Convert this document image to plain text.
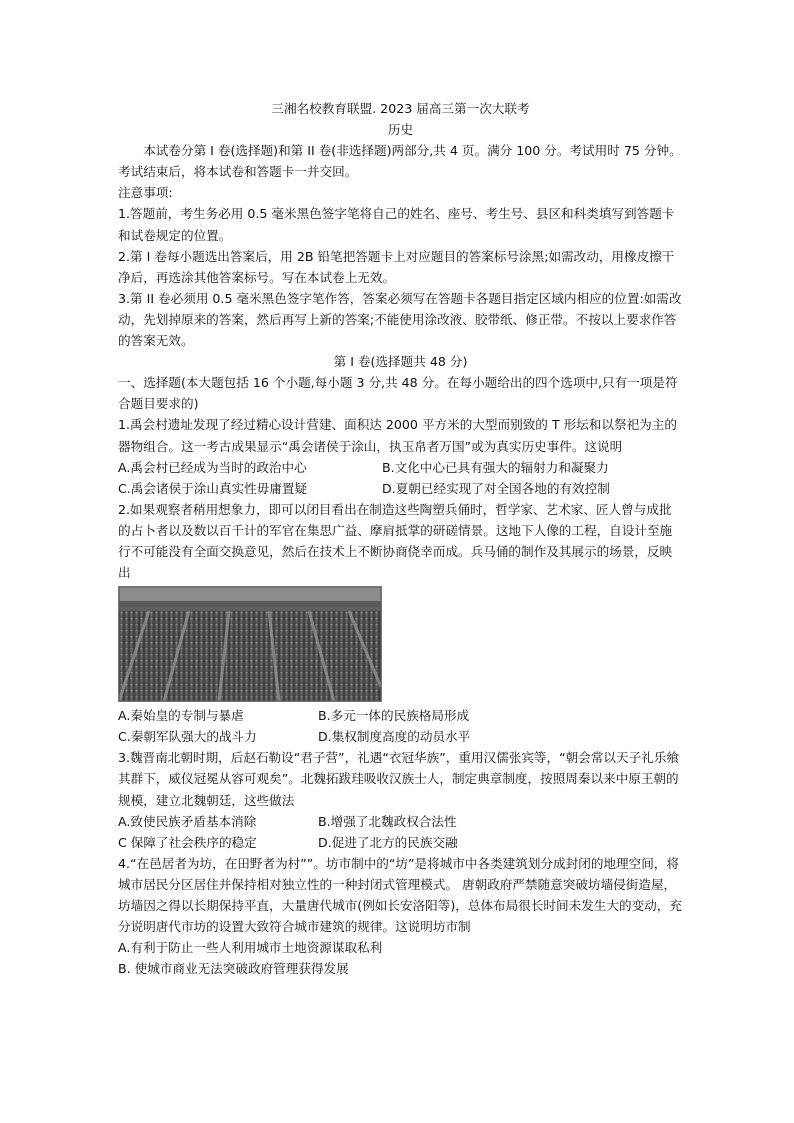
三湘名校教育联盟. 2023 届高三第一次大联考

历史

本试卷分第 I 卷(选择题)和第 II 卷(非选择题)两部分,共 4 页。满分 100 分。考试用时 75 分钟。考试结束后，将本试卷和答题卡一并交回。

注意事项:

1.答题前，考生务必用 0.5 毫米黑色签字笔将自己的姓名、座号、考生号、县区和科类填写到答题卡和试卷规定的位置。

2.第 I 卷每小题选出答案后，用 2B 铅笔把答题卡上对应题目的答案标号涂黑;如需改动，用橡皮擦干净后，再选涂其他答案标号。写在本试卷上无效。

3.第 II 卷必须用 0.5 毫米黑色签字笔作答，答案必须写在答题卡各题目指定区域内相应的位置:如需改动，先划掉原来的答案，然后再写上新的答案;不能使用涂改液、胶带纸、修正带。不按以上要求作答的答案无效。

第 I 卷(选择题共 48 分)

一、选择题(本大题包括 16 个小题,每小题 3 分,共 48 分。在每小题给出的四个选项中,只有一项是符合题目要求的)

1.禹会村遗址发现了经过精心设计营建、面积达 2000 平方米的大型而别致的 T 形坛和以祭祀为主的器物组合。这一考古成果显示“禹会诸侯于涂山，执玉帛者万国”或为真实历史事件。这说明

A.禹会村已经成为当时的政治中心	B.文化中心已具有强大的辐射力和凝聚力
C.禹会诸侯于涂山真实性毋庸置疑	D.夏朝已经实现了对全国各地的有效控制

2.如果观察者稍用想象力，即可以闭目看出在制造这些陶塑兵俑时，哲学家、艺术家、匠人曾与成批的占卜者以及数以百千计的军官在集思广益、摩肩抵掌的研磋情景。这地下人像的工程，自设计至施行不可能没有全面交换意见，然后在技术上不断协商侥幸而成。兵马俑的制作及其展示的场景，反映出

A.秦始皇的专制与暴虐	B.多元一体的民族格局形成
C.秦朝军队强大的战斗力	D.集权制度高度的动员水平

3.魏晋南北朝时期，后赵石勒设“君子营”，礼遇“衣冠华族”，重用汉儒张宾等，“朝会常以天子礼乐飨其群下，威仪冠冕从容可观矣”。北魏拓跋珪吸收汉族士人，制定典章制度，按照周秦以来中原王朝的规模，建立北魏朝廷，这些做法

A.致使民族矛盾基本消除	B.增强了北魏政权合法性
C 保障了社会秩序的稳定	D.促进了北方的民族交融

4.“在邑居者为坊，在田野者为村””。坊市制中的“坊”是将城市中各类建筑划分成封闭的地理空间，将城市居民分区居住并保持相对独立性的一种封闭式管理模式。 唐朝政府严禁随意突破坊墙侵街造屋，坊墙因之得以长期保持平直，大量唐代城市(例如长安洛阳等)，总体布局很长时间未发生大的变动，充分说明唐代市坊的设置大致符合城市建筑的规律。这说明坊市制

A.有利于防止一些人利用城市土地资源谋取私利

B. 使城市商业无法突破政府管理获得发展
